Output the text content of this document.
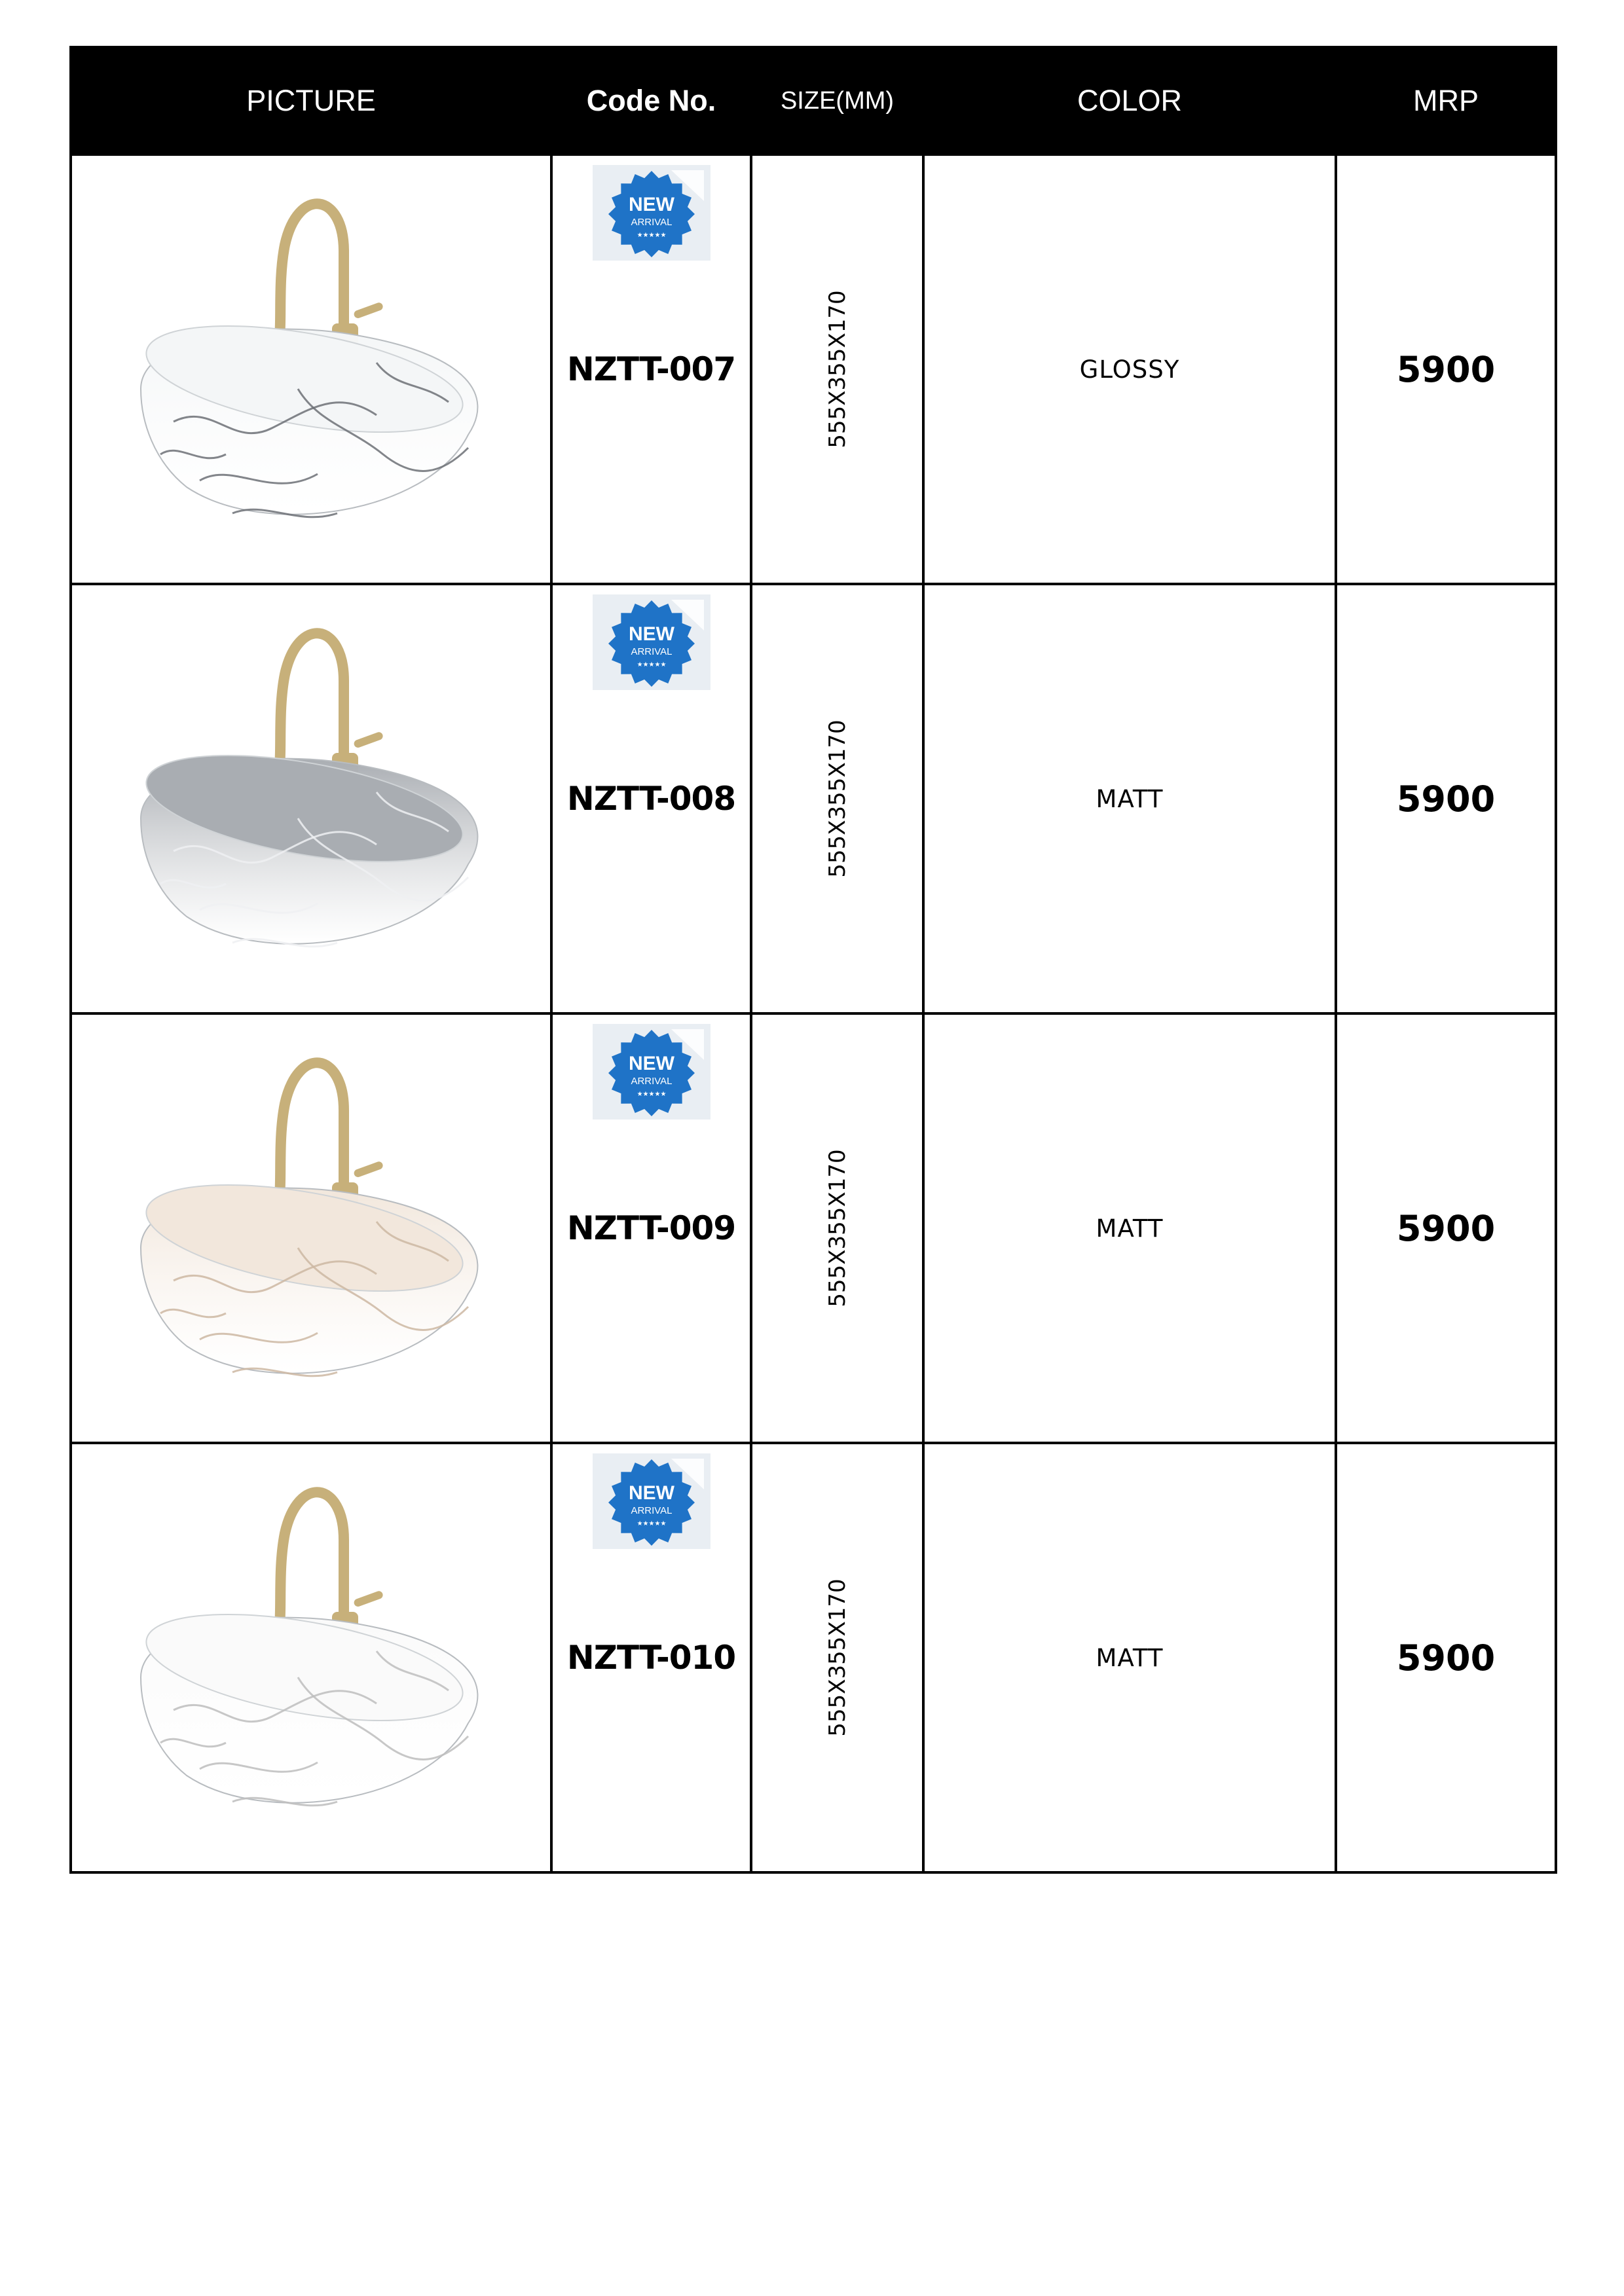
PICTURE	Code No.	SIZE(MM)	COLOR	MRP

NEW
ARRIVAL
★★★★★
NZTT-007	555X355X170	GLOSSY	5900

NEW
ARRIVAL
★★★★★
NZTT-008	555X355X170	MATT	5900

NEW
ARRIVAL
★★★★★
NZTT-009	555X355X170	MATT	5900

NEW
ARRIVAL
★★★★★
NZTT-010	555X355X170	MATT	5900
